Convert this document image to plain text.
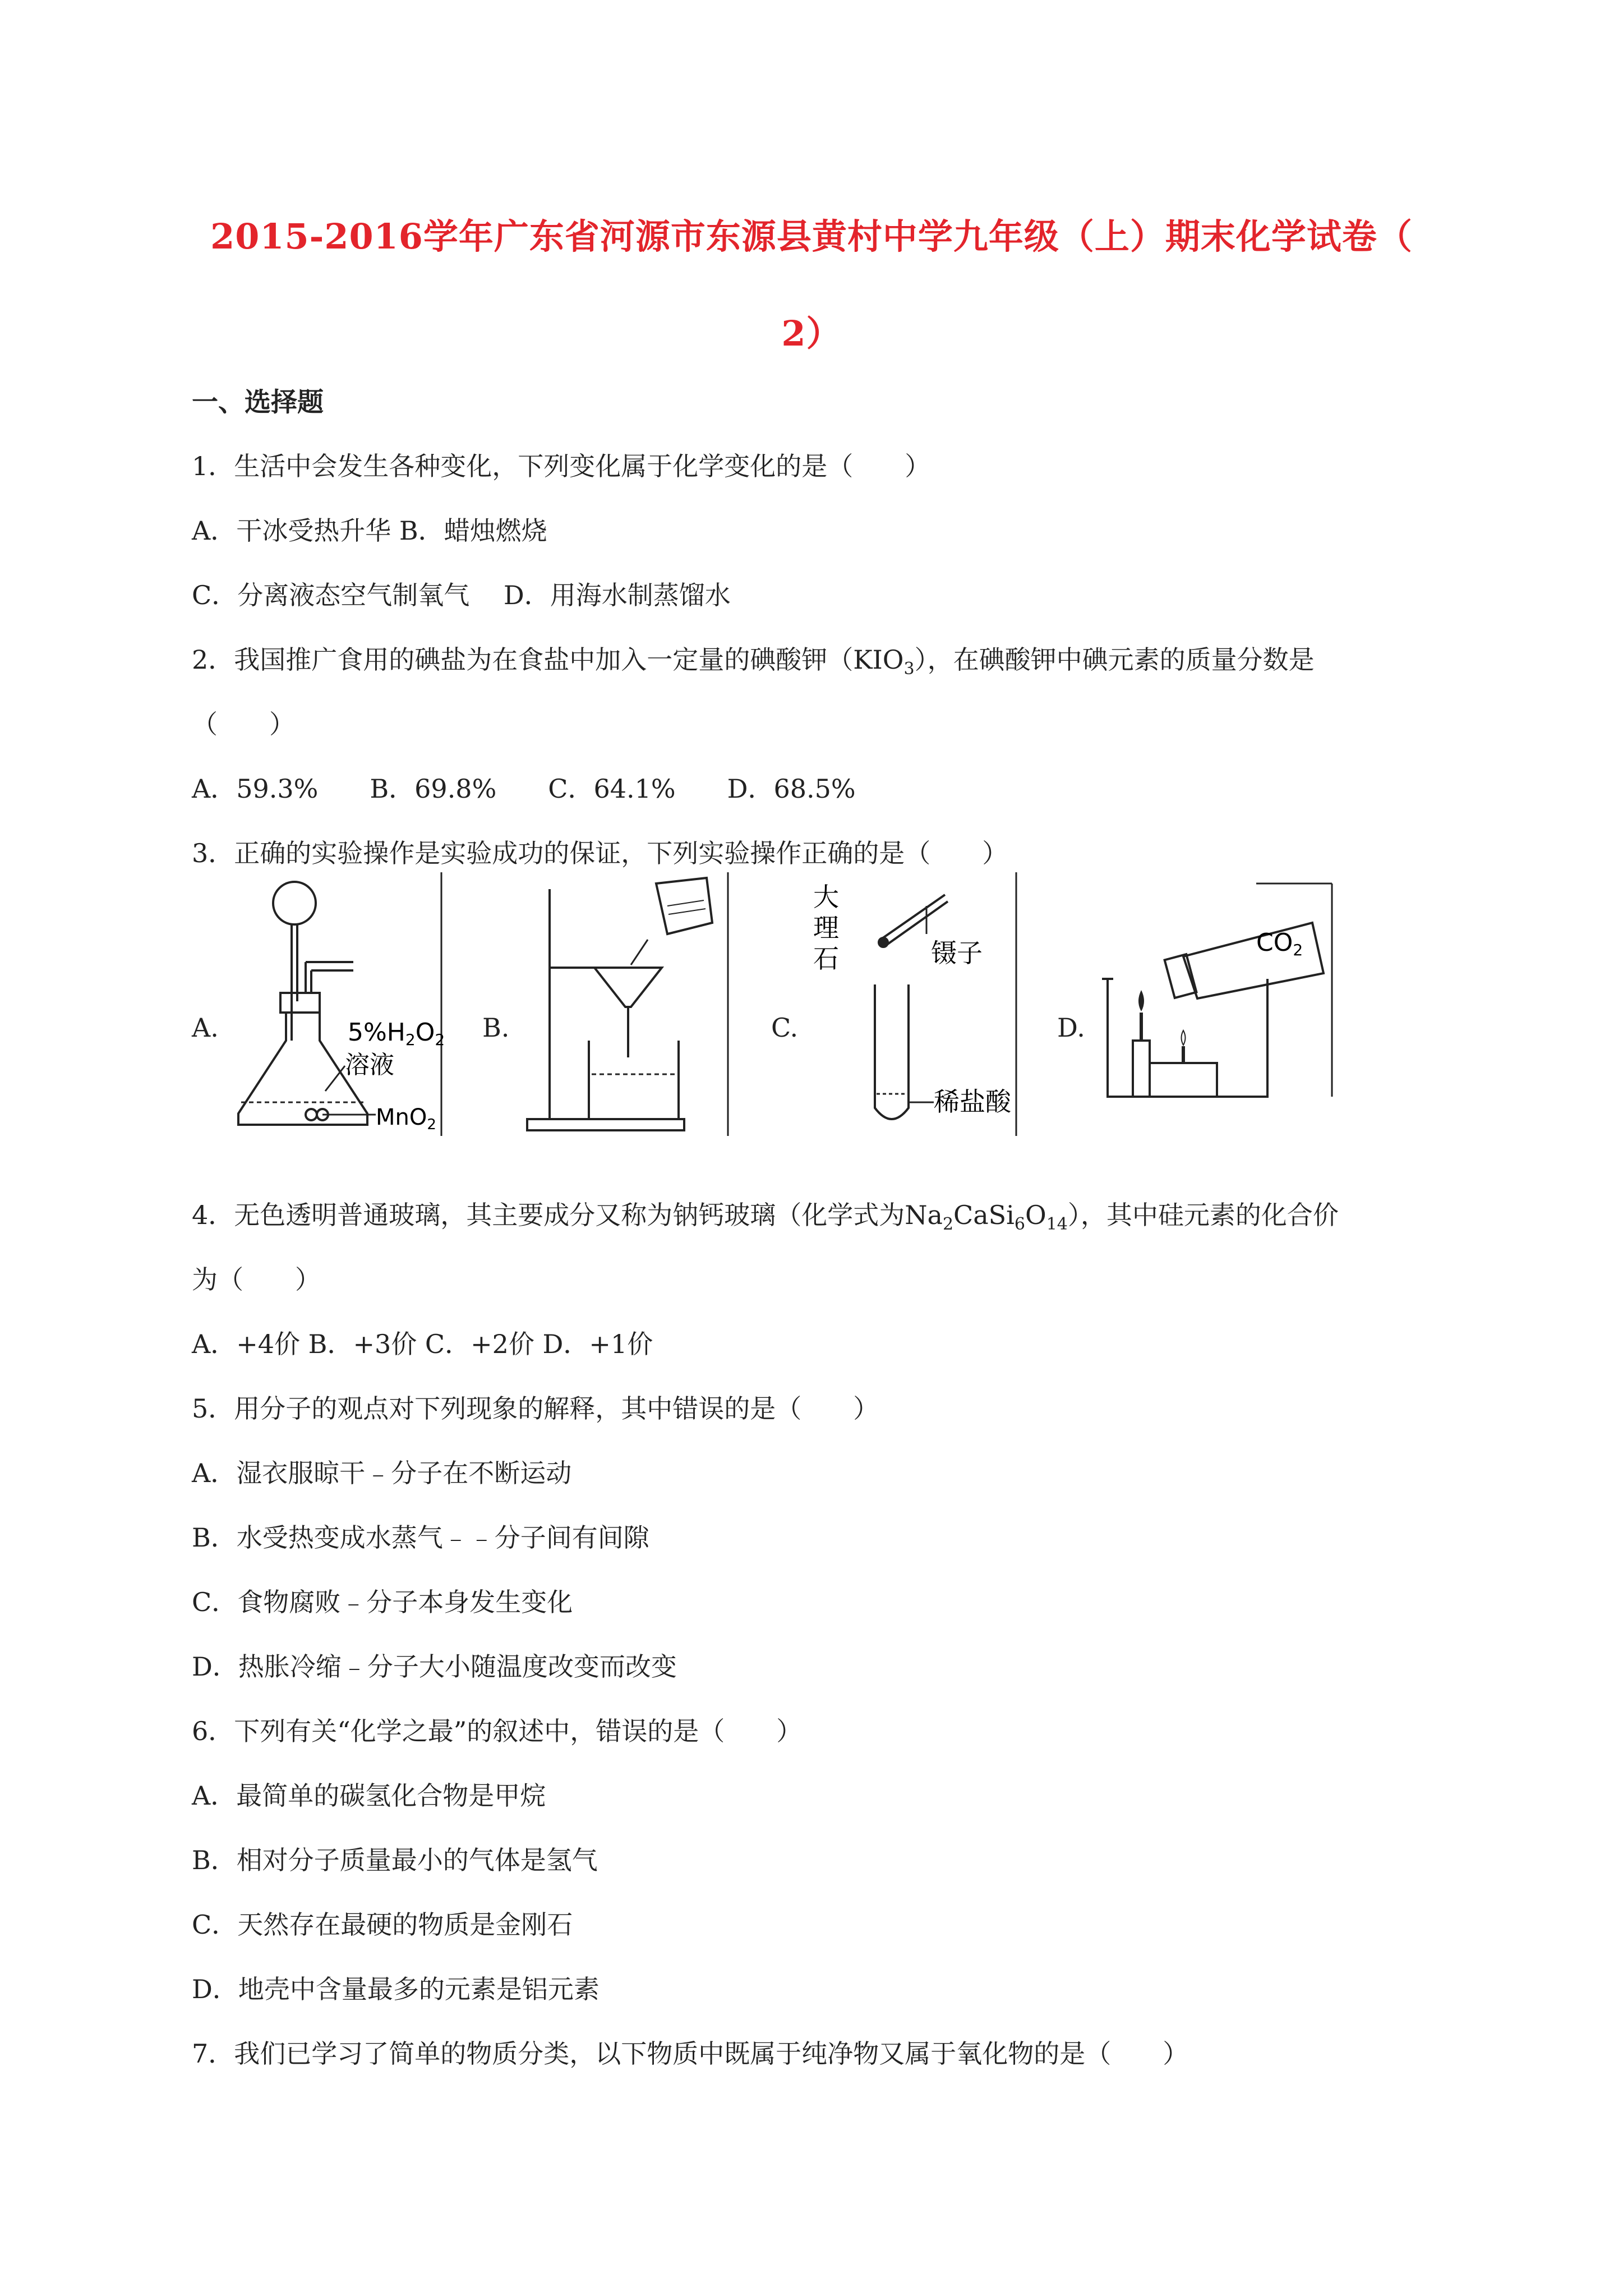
2015-2016学年广东省河源市东源县黄村中学九年级（上）期末化学试卷（
2）
一、选择题
1．生活中会发生各种变化，下列变化属于化学变化的是（　　）
A．干冰受热升华 B．蜡烛燃烧
C．分离液态空气制氧气　 D．用海水制蒸馏水
2．我国推广食用的碘盐为在食盐中加入一定量的碘酸钾$(KIO_3)$，在碘酸钾中碘元素的质量分数是
（　　）
A．59.3%　　B．69.8%　　C．64.1%　　D．68.5%
3．正确的实验操作是实验成功的保证，下列实验操作正确的是（　　）
A.	B.	C.	D.
5%H2O2
溶液
MnO$_2$
大
理
石	镊子
稀盐酸
CO2
4．无色透明普通玻璃，其主要成分又称为钠钙玻璃（化学式为$Na_2CaSi_6O_{14}$），其中硅元素的化合价
为（　　）
A．+4价 B．+3价 C．+2价 D．+1价
5．用分子的观点对下列现象的解释，其中错误的是（　　）
A．湿衣服晾干﹣分子在不断运动
B．水受热变成水蒸气﹣﹣分子间有间隙
C．食物腐败﹣分子本身发生变化
D．热胀冷缩﹣分子大小随温度改变而改变
6．下列有关“化学之最”的叙述中，错误的是（　　）
A．最简单的碳氢化合物是甲烷
B．相对分子质量最小的气体是氢气
C．天然存在最硬的物质是金刚石
D．地壳中含量最多的元素是铝元素
7．我们已学习了简单的物质分类，以下物质中既属于纯净物又属于氧化物的是（　　）
